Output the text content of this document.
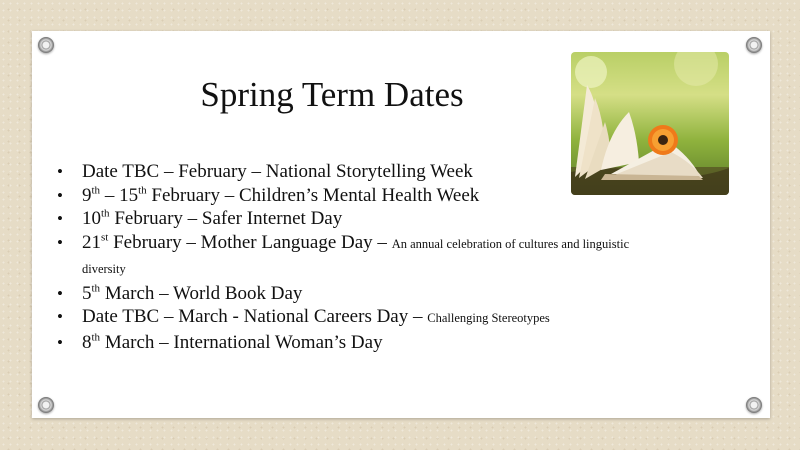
Spring Term Dates
• Date TBC – February – National Storytelling Week
• 9th – 15th February – Children’s Mental Health Week
• 10th February – Safer Internet Day
• 21st February – Mother Language Day – An annual celebration of cultures and linguistic diversity
• 5th March – World Book Day
• Date TBC – March - National Careers Day – Challenging Stereotypes
• 8th March – International Woman’s Day
